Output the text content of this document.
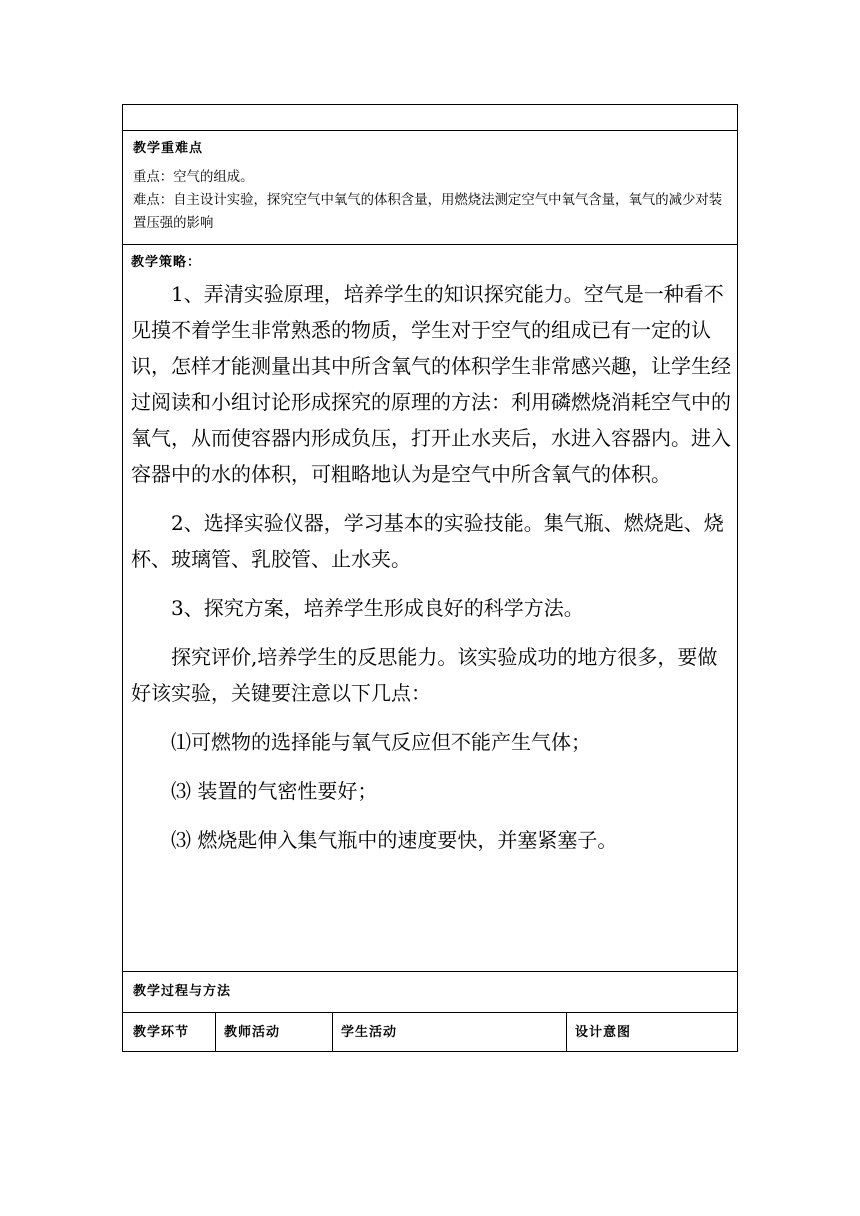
教学重难点
重点：空气的组成。
难点：自主设计实验，探究空气中氧气的体积含量，用燃烧法测定空气中氧气含量，氧气的减少对装置压强的影响
教学策略：

1、弄清实验原理，培养学生的知识探究能力。空气是一种看不见摸不着学生非常熟悉的物质，学生对于空气的组成已有一定的认识，怎样才能测量出其中所含氧气的体积学生非常感兴趣，让学生经过阅读和小组讨论形成探究的原理的方法：利用磷燃烧消耗空气中的氧气，从而使容器内形成负压，打开止水夹后，水进入容器内。进入容器中的水的体积，可粗略地认为是空气中所含氧气的体积。

2、选择实验仪器，学习基本的实验技能。集气瓶、燃烧匙、烧杯、玻璃管、乳胶管、止水夹。

3、探究方案，培养学生形成良好的科学方法。

探究评价,培养学生的反思能力。该实验成功的地方很多，要做好该实验，关键要注意以下几点：

⑴可燃物的选择能与氧气反应但不能产生气体；

⑶ 装置的气密性要好；

⑶ 燃烧匙伸入集气瓶中的速度要快，并塞紧塞子。

教学过程与方法
教学环节	教师活动	学生活动	设计意图
